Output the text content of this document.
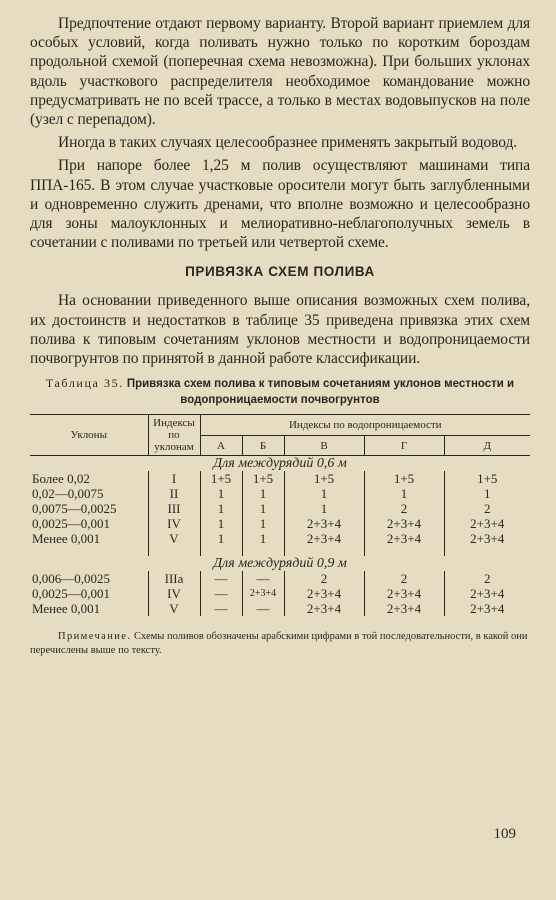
Предпочтение отдают первому варианту. Второй вариант приемлем для особых условий, когда поливать нужно только по коротким бороздам продольной схемой (поперечная схема невозможна). При больших уклонах вдоль участкового распределителя необходимое командование можно предусматривать не по всей трассе, а только в местах водовыпусков на поле (узел с перепадом).

Иногда в таких случаях целесообразнее применять закрытый водовод.

При напоре более 1,25 м полив осуществляют машинами типа ППА-165. В этом случае участковые оросители могут быть заглубленными и одновременно служить дренами, что вполне возможно и целесообразно для зоны малоуклонных и мелиоративно-неблагополучных земель в сочетании с поливами по третьей или четвертой схеме.

ПРИВЯЗКА СХЕМ ПОЛИВА

На основании приведенного выше описания возможных схем полива, их достоинств и недостатков в таблице 35 приведена привязка этих схем полива к типовым сочетаниям уклонов местности и водопроницаемости почвогрунтов по принятой в данной работе классификации.

Таблица 35. Привязка схем полива к типовым сочетаниям уклонов местности и водопроницаемости почвогрунтов
Уклоны	Индексы по уклонам	Индексы по водопроницаемости				
		А	Б	В	Г	Д
Для междурядий 0,6 м						
Более 0,02	I	1+5	1+5	1+5	1+5	1+5
0,02—0,0075	II	1	1	1	1	1
0,0075—0,0025	III	1	1	1	2	2
0,0025—0,001	IV	1	1	2+3+4	2+3+4	2+3+4
Менее 0,001	V	1	1	2+3+4	2+3+4	2+3+4

Для междурядий 0,9 м						
0,006—0,0025	IIIа	—	—	2	2	2
0,0025—0,001	IV	—	2+3+4	2+3+4	2+3+4	2+3+4
Менее 0,001	V	—	—	2+3+4	2+3+4	2+3+4

Примечание. Схемы поливов обозначены арабскими цифрами в той последовательности, в какой они перечислены выше по тексту.

109
